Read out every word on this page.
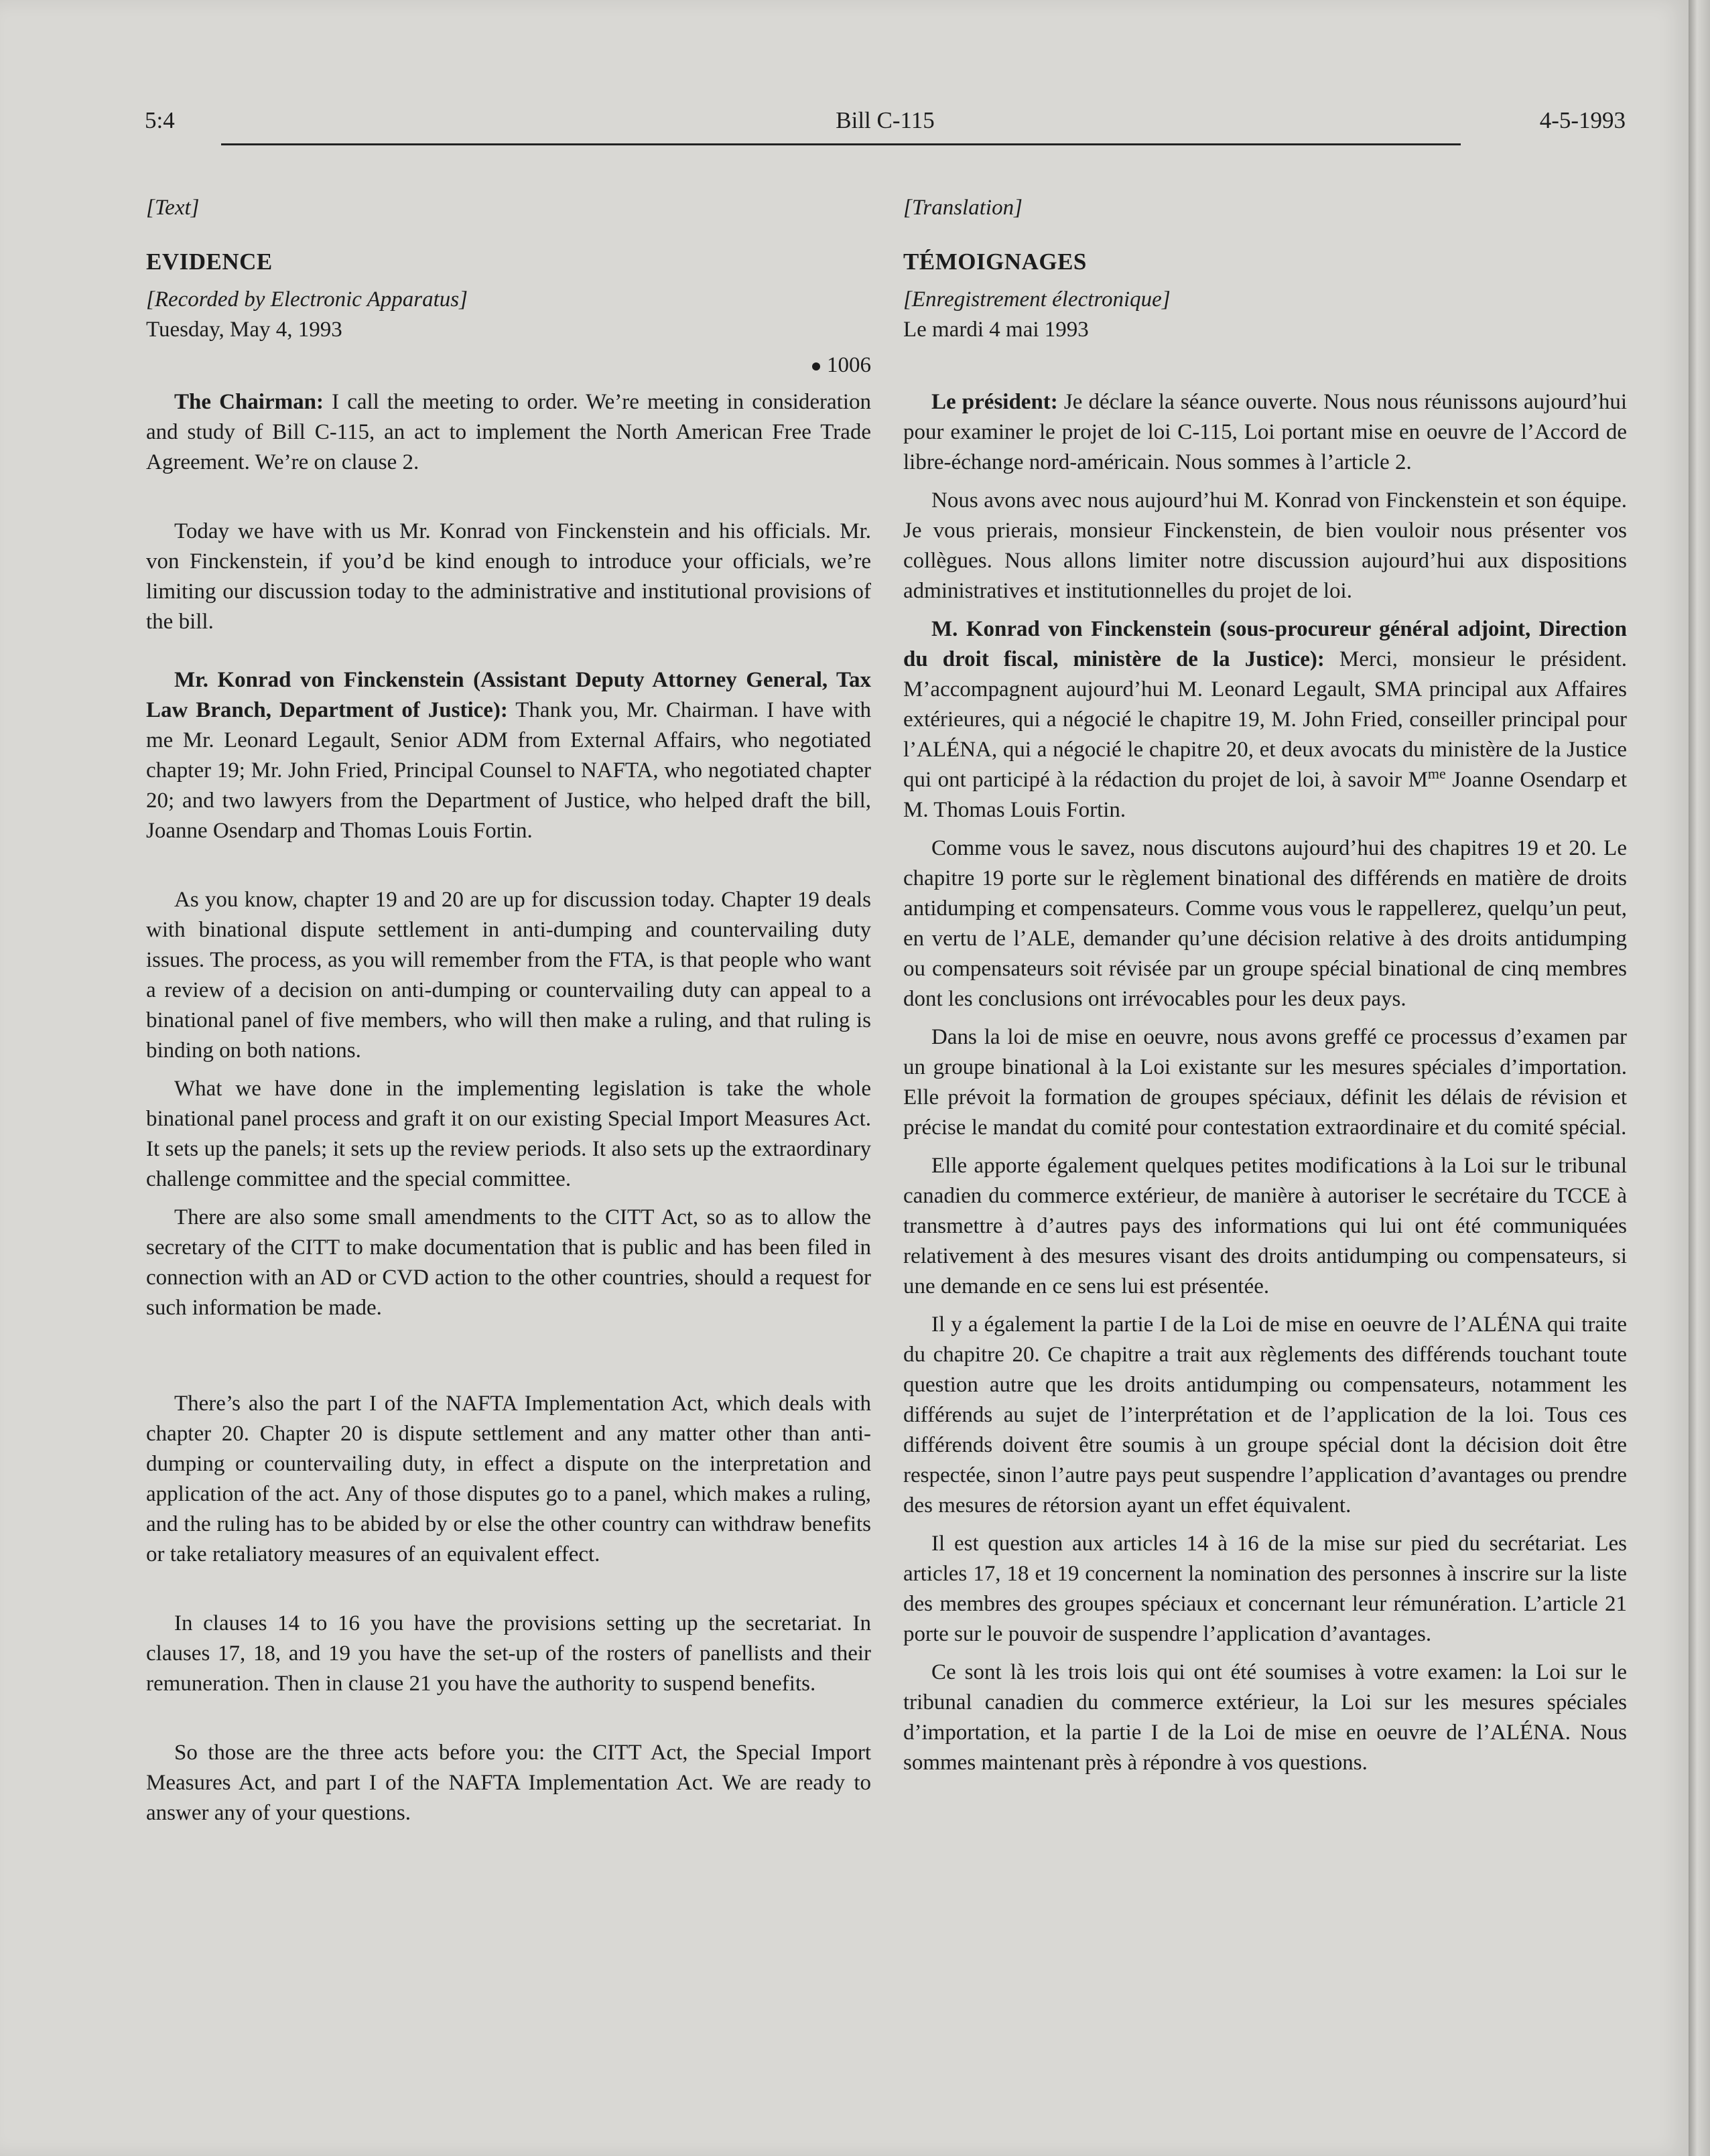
5:4	Bill C-115	4-5-1993

[Text]

EVIDENCE

[Recorded by Electronic Apparatus]

Tuesday, May 4, 1993

1006

The Chairman: I call the meeting to order. We’re meeting in consideration and study of Bill C-115, an act to implement the North American Free Trade Agreement. We’re on clause 2.

Today we have with us Mr. Konrad von Finckenstein and his officials. Mr. von Finckenstein, if you’d be kind enough to introduce your officials, we’re limiting our discussion today to the administrative and institutional provisions of the bill.

Mr. Konrad von Finckenstein (Assistant Deputy Attorney General, Tax Law Branch, Department of Justice): Thank you, Mr. Chairman. I have with me Mr. Leonard Legault, Senior ADM from External Affairs, who negotiated chapter 19; Mr. John Fried, Principal Counsel to NAFTA, who negotiated chapter 20; and two lawyers from the Department of Justice, who helped draft the bill, Joanne Osendarp and Thomas Louis Fortin.

As you know, chapter 19 and 20 are up for discussion today. Chapter 19 deals with binational dispute settlement in anti-dumping and countervailing duty issues. The process, as you will remember from the FTA, is that people who want a review of a decision on anti-dumping or countervailing duty can appeal to a binational panel of five members, who will then make a ruling, and that ruling is binding on both nations.

What we have done in the implementing legislation is take the whole binational panel process and graft it on our existing Special Import Measures Act. It sets up the panels; it sets up the review periods. It also sets up the extraordinary challenge committee and the special committee.

There are also some small amendments to the CITT Act, so as to allow the secretary of the CITT to make documentation that is public and has been filed in connection with an AD or CVD action to the other countries, should a request for such information be made.

There’s also the part I of the NAFTA Implementation Act, which deals with chapter 20. Chapter 20 is dispute settlement and any matter other than anti-dumping or countervailing duty, in effect a dispute on the interpretation and application of the act. Any of those disputes go to a panel, which makes a ruling, and the ruling has to be abided by or else the other country can withdraw benefits or take retaliatory measures of an equivalent effect.

In clauses 14 to 16 you have the provisions setting up the secretariat. In clauses 17, 18, and 19 you have the set-up of the rosters of panellists and their remuneration. Then in clause 21 you have the authority to suspend benefits.

So those are the three acts before you: the CITT Act, the Special Import Measures Act, and part I of the NAFTA Implementation Act. We are ready to answer any of your questions.

[Translation]

TÉMOIGNAGES

[Enregistrement électronique]

Le mardi 4 mai 1993

Le président: Je déclare la séance ouverte. Nous nous réunissons aujourd’hui pour examiner le projet de loi C-115, Loi portant mise en oeuvre de l’Accord de libre-échange nord-américain. Nous sommes à l’article 2.

Nous avons avec nous aujourd’hui M. Konrad von Finckenstein et son équipe. Je vous prierais, monsieur Finckenstein, de bien vouloir nous présenter vos collègues. Nous allons limiter notre discussion aujourd’hui aux dispositions administratives et institutionnelles du projet de loi.

M. Konrad von Finckenstein (sous-procureur général adjoint, Direction du droit fiscal, ministère de la Justice): Merci, monsieur le président. M’accompagnent aujourd’hui M. Leonard Legault, SMA principal aux Affaires extérieures, qui a négocié le chapitre 19, M. John Fried, conseiller principal pour l’ALÉNA, qui a négocié le chapitre 20, et deux avocats du ministère de la Justice qui ont participé à la rédaction du projet de loi, à savoir $M^{me}$ Joanne Osendarp et M. Thomas Louis Fortin.

Comme vous le savez, nous discutons aujourd’hui des chapitres 19 et 20. Le chapitre 19 porte sur le règlement binational des différends en matière de droits antidumping et compensateurs. Comme vous vous le rappellerez, quelqu’un peut, en vertu de l’ALE, demander qu’une décision relative à des droits antidumping ou compensateurs soit révisée par un groupe spécial binational de cinq membres dont les conclusions ont irrévocables pour les deux pays.

Dans la loi de mise en oeuvre, nous avons greffé ce processus d’examen par un groupe binational à la Loi existante sur les mesures spéciales d’importation. Elle prévoit la formation de groupes spéciaux, définit les délais de révision et précise le mandat du comité pour contestation extraordinaire et du comité spécial.

Elle apporte également quelques petites modifications à la Loi sur le tribunal canadien du commerce extérieur, de manière à autoriser le secrétaire du TCCE à transmettre à d’autres pays des informations qui lui ont été communiquées relativement à des mesures visant des droits antidumping ou compensateurs, si une demande en ce sens lui est présentée.

Il y a également la partie I de la Loi de mise en oeuvre de l’ALÉNA qui traite du chapitre 20. Ce chapitre a trait aux règlements des différends touchant toute question autre que les droits antidumping ou compensateurs, notamment les différends au sujet de l’interprétation et de l’application de la loi. Tous ces différends doivent être soumis à un groupe spécial dont la décision doit être respectée, sinon l’autre pays peut suspendre l’application d’avantages ou prendre des mesures de rétorsion ayant un effet équivalent.

Il est question aux articles 14 à 16 de la mise sur pied du secrétariat. Les articles 17, 18 et 19 concernent la nomination des personnes à inscrire sur la liste des membres des groupes spéciaux et concernant leur rémunération. L’article 21 porte sur le pouvoir de suspendre l’application d’avantages.

Ce sont là les trois lois qui ont été soumises à votre examen: la Loi sur le tribunal canadien du commerce extérieur, la Loi sur les mesures spéciales d’importation, et la partie I de la Loi de mise en oeuvre de l’ALÉNA. Nous sommes maintenant près à répondre à vos questions.
